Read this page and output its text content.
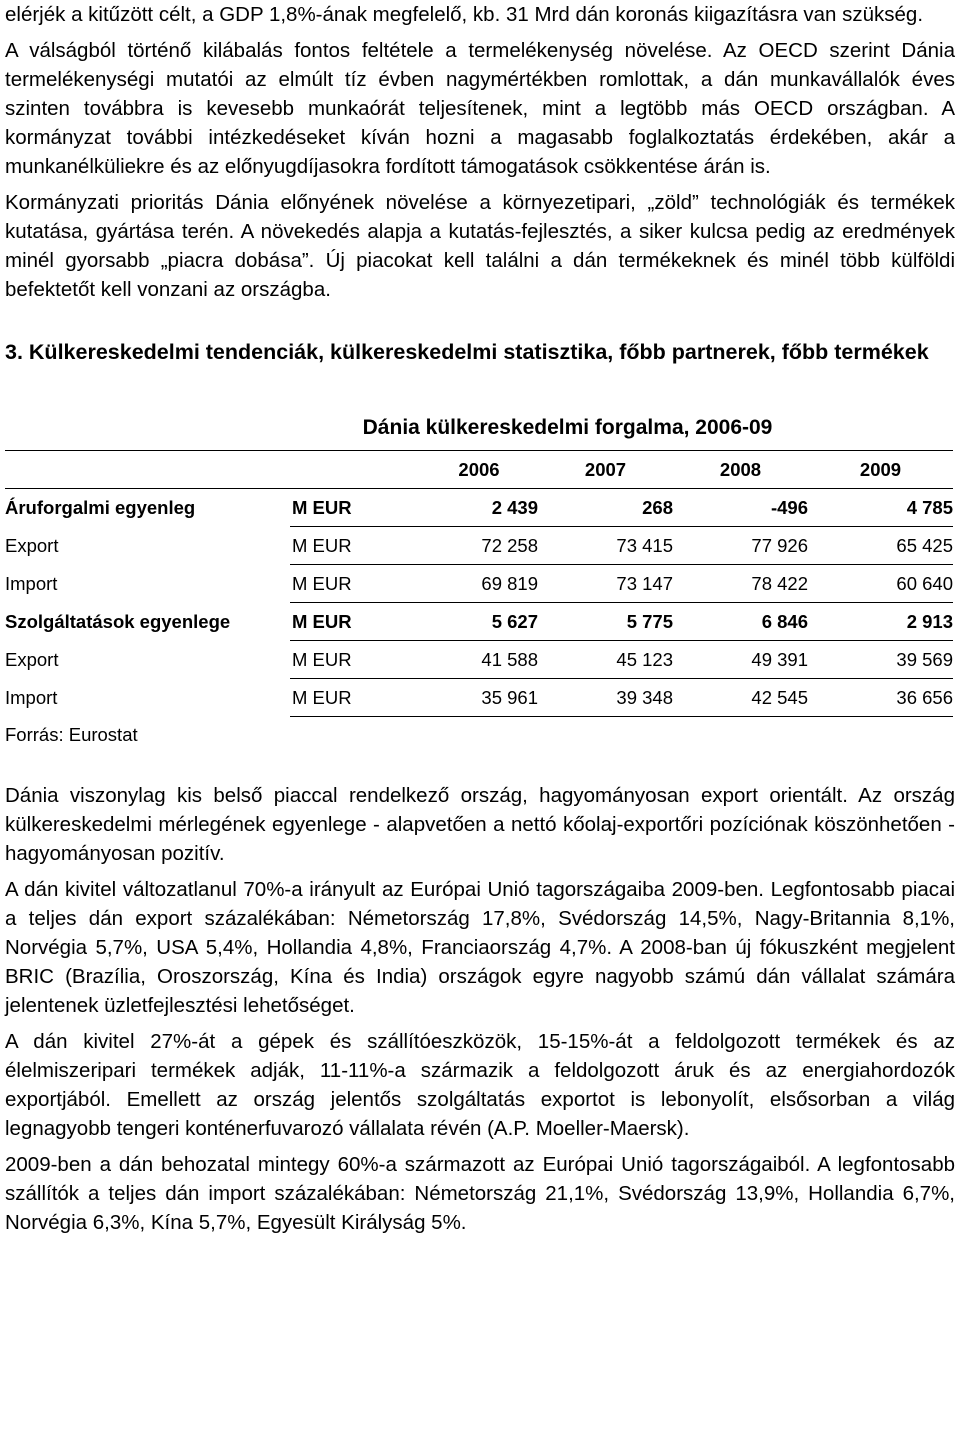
elérjék a kitűzött célt, a GDP 1,8%-ának megfelelő, kb. 31 Mrd dán koronás kiigazításra van szükség.

A válságból történő kilábalás fontos feltétele a termelékenység növelése. Az OECD szerint Dánia termelékenységi mutatói az elmúlt tíz évben nagymértékben romlottak, a dán munkavállalók éves szinten továbbra is kevesebb munkaórát teljesítenek, mint a legtöbb más OECD országban. A kormányzat további intézkedéseket kíván hozni a magasabb foglalkoztatás érdekében, akár a munkanélküliekre és az előnyugdíjasokra fordított támogatások csökkentése árán is.

Kormányzati prioritás Dánia előnyének növelése a környezetipari, „zöld” technológiák és termékek kutatása, gyártása terén. A növekedés alapja a kutatás-fejlesztés, a siker kulcsa pedig az eredmények minél gyorsabb „piacra dobása”. Új piacokat kell találni a dán termékeknek és minél több külföldi befektetőt kell vonzani az országba.

3. Külkereskedelmi tendenciák, külkereskedelmi statisztika, főbb partnerek, főbb termékek
Dánia külkereskedelmi forgalma, 2006-09
		2006	2007	2008	2009
Áruforgalmi egyenleg	M EUR	2 439	268	-496	4 785
Export	M EUR	72 258	73 415	77 926	65 425
Import	M EUR	69 819	73 147	78 422	60 640
Szolgáltatások egyenlege	M EUR	5 627	5 775	6 846	2 913
Export	M EUR	41 588	45 123	49 391	39 569
Import	M EUR	35 961	39 348	42 545	36 656
Forrás: Eurostat

Dánia viszonylag kis belső piaccal rendelkező ország, hagyományosan export orientált. Az ország külkereskedelmi mérlegének egyenlege - alapvetően a nettó kőolaj-exportőri pozíciónak köszönhetően - hagyományosan pozitív.

A dán kivitel változatlanul 70%-a irányult az Európai Unió tagországaiba 2009-ben. Legfontosabb piacai a teljes dán export százalékában: Németország 17,8%, Svédország 14,5%, Nagy-Britannia 8,1%, Norvégia 5,7%, USA 5,4%, Hollandia 4,8%, Franciaország 4,7%. A 2008-ban új fókuszként megjelent BRIC (Brazília, Oroszország, Kína és India) országok egyre nagyobb számú dán vállalat számára jelentenek üzletfejlesztési lehetőséget.

A dán kivitel 27%-át a gépek és szállítóeszközök, 15-15%-át a feldolgozott termékek és az élelmiszeripari termékek adják, 11-11%-a származik a feldolgozott áruk és az energiahordozók exportjából. Emellett az ország jelentős szolgáltatás exportot is lebonyolít, elsősorban a világ legnagyobb tengeri konténerfuvarozó vállalata révén (A.P. Moeller-Maersk).

2009-ben a dán behozatal mintegy 60%-a származott az Európai Unió tagországaiból. A legfontosabb szállítók a teljes dán import százalékában: Németország 21,1%, Svédország 13,9%, Hollandia 6,7%, Norvégia 6,3%, Kína 5,7%, Egyesült Királyság 5%.
